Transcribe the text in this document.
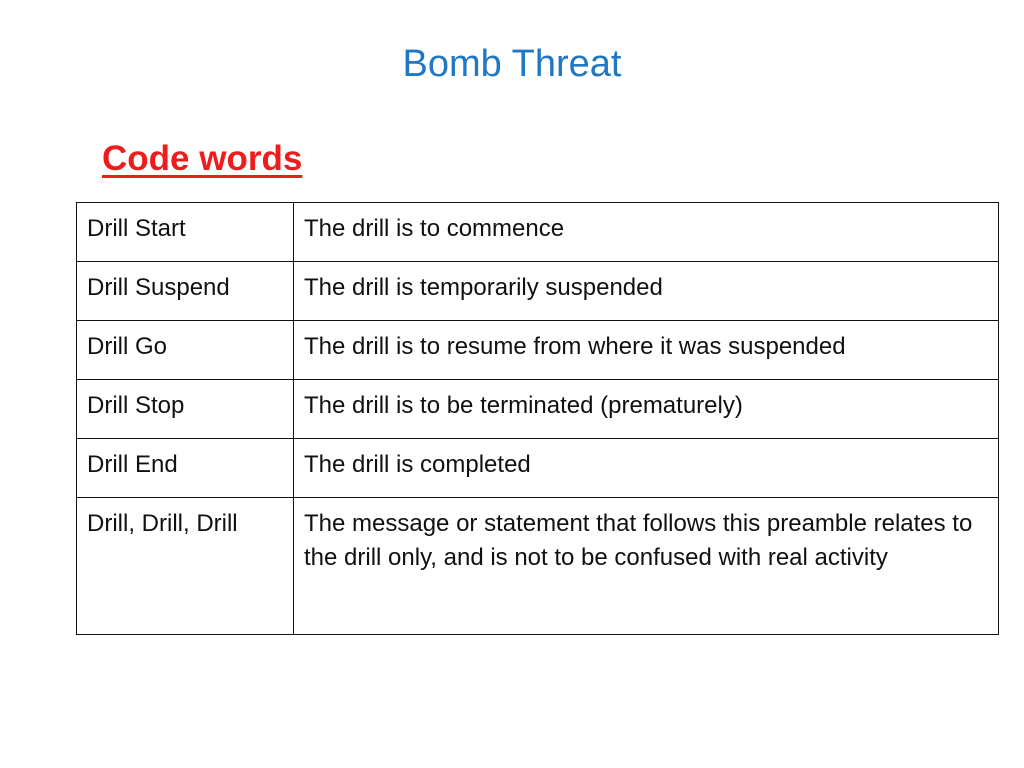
Bomb Threat
Code words
Drill Start	The drill is to commence
Drill Suspend	The drill is temporarily suspended
Drill Go	The drill is to resume from where it was suspended
Drill Stop	The drill is to be terminated (prematurely)
Drill End	The drill is completed
Drill, Drill, Drill	The message or statement that follows this preamble relates to the drill only, and is not to be confused with real activity
